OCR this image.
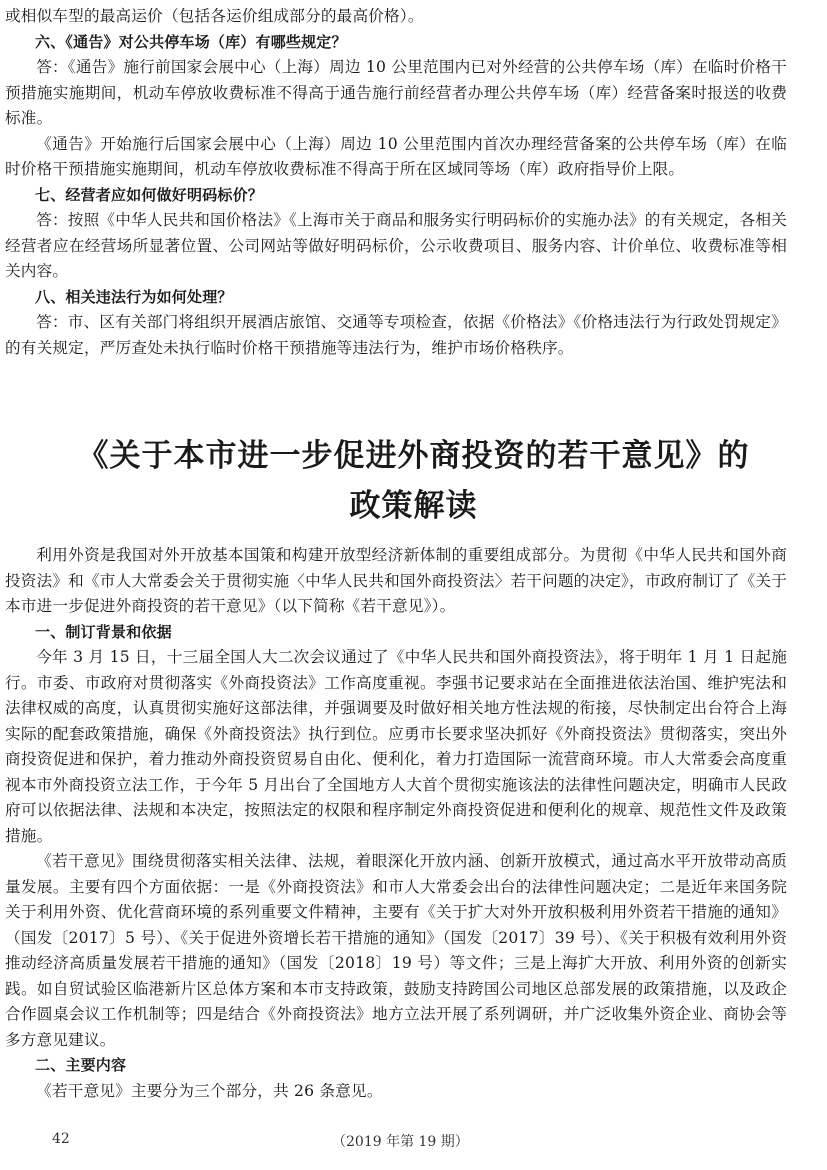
或相似车型的最高运价（包括各运价组成部分的最高价格）。

六、《通告》对公共停车场（库）有哪些规定？

答：《通告》施行前国家会展中心（上海）周边 10 公里范围内已对外经营的公共停车场（库）在临时价格干预措施实施期间，机动车停放收费标准不得高于通告施行前经营者办理公共停车场（库）经营备案时报送的收费标准。

《通告》开始施行后国家会展中心（上海）周边 10 公里范围内首次办理经营备案的公共停车场（库）在临时价格干预措施实施期间，机动车停放收费标准不得高于所在区域同等场（库）政府指导价上限。

七、经营者应如何做好明码标价？

答：按照《中华人民共和国价格法》《上海市关于商品和服务实行明码标价的实施办法》的有关规定，各相关经营者应在经营场所显著位置、公司网站等做好明码标价，公示收费项目、服务内容、计价单位、收费标准等相关内容。

八、相关违法行为如何处理？

答：市、区有关部门将组织开展酒店旅馆、交通等专项检查，依据《价格法》《价格违法行为行政处罚规定》的有关规定，严厉查处未执行临时价格干预措施等违法行为，维护市场价格秩序。

《关于本市进一步促进外商投资的若干意见》的
政策解读

利用外资是我国对外开放基本国策和构建开放型经济新体制的重要组成部分。为贯彻《中华人民共和国外商投资法》和《市人大常委会关于贯彻实施〈中华人民共和国外商投资法〉若干问题的决定》，市政府制订了《关于本市进一步促进外商投资的若干意见》（以下简称《若干意见》）。

一、制订背景和依据

今年 3 月 15 日，十三届全国人大二次会议通过了《中华人民共和国外商投资法》，将于明年 1 月 1 日起施行。市委、市政府对贯彻落实《外商投资法》工作高度重视。李强书记要求站在全面推进依法治国、维护宪法和法律权威的高度，认真贯彻实施好这部法律，并强调要及时做好相关地方性法规的衔接，尽快制定出台符合上海实际的配套政策措施，确保《外商投资法》执行到位。应勇市长要求坚决抓好《外商投资法》贯彻落实，突出外商投资促进和保护，着力推动外商投资贸易自由化、便利化，着力打造国际一流营商环境。市人大常委会高度重视本市外商投资立法工作，于今年 5 月出台了全国地方人大首个贯彻实施该法的法律性问题决定，明确市人民政府可以依据法律、法规和本决定，按照法定的权限和程序制定外商投资促进和便利化的规章、规范性文件及政策措施。

《若干意见》围绕贯彻落实相关法律、法规，着眼深化开放内涵、创新开放模式，通过高水平开放带动高质量发展。主要有四个方面依据：一是《外商投资法》和市人大常委会出台的法律性问题决定；二是近年来国务院关于利用外资、优化营商环境的系列重要文件精神，主要有《关于扩大对外开放积极利用外资若干措施的通知》（国发〔2017〕5 号）、《关于促进外资增长若干措施的通知》（国发〔2017〕39 号）、《关于积极有效利用外资推动经济高质量发展若干措施的通知》（国发〔2018〕19 号）等文件；三是上海扩大开放、利用外资的创新实践。如自贸试验区临港新片区总体方案和本市支持政策，鼓励支持跨国公司地区总部发展的政策措施，以及政企合作圆桌会议工作机制等；四是结合《外商投资法》地方立法开展了系列调研，并广泛收集外资企业、商协会等多方意见建议。

二、主要内容

《若干意见》主要分为三个部分，共 26 条意见。

42	（2019 年第 19 期）
